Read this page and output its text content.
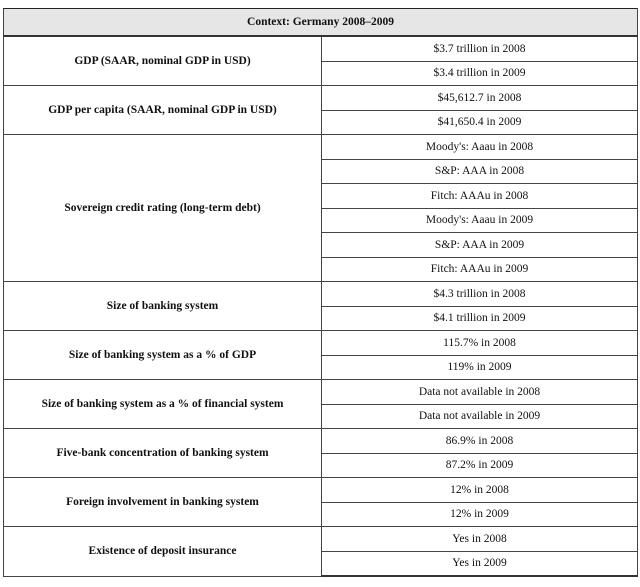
Context: Germany 2008–2009	
GDP (SAAR, nominal GDP in USD)	$3.7 trillion in 2008
	$3.4 trillion in 2009
GDP per capita (SAAR, nominal GDP in USD)	$45,612.7 in 2008
	$41,650.4 in 2009
Sovereign credit rating (long-term debt)	Moody's: Aaau in 2008
	S&P: AAA in 2008
	Fitch: AAAu in 2008
	Moody's: Aaau in 2009
	S&P: AAA in 2009
	Fitch: AAAu in 2009
Size of banking system	$4.3 trillion in 2008
	$4.1 trillion in 2009
Size of banking system as a % of GDP	115.7% in 2008
	119% in 2009
Size of banking system as a % of financial system	Data not available in 2008
	Data not available in 2009
Five-bank concentration of banking system	86.9% in 2008
	87.2% in 2009
Foreign involvement in banking system	12% in 2008
	12% in 2009
Existence of deposit insurance	Yes in 2008
	Yes in 2009
